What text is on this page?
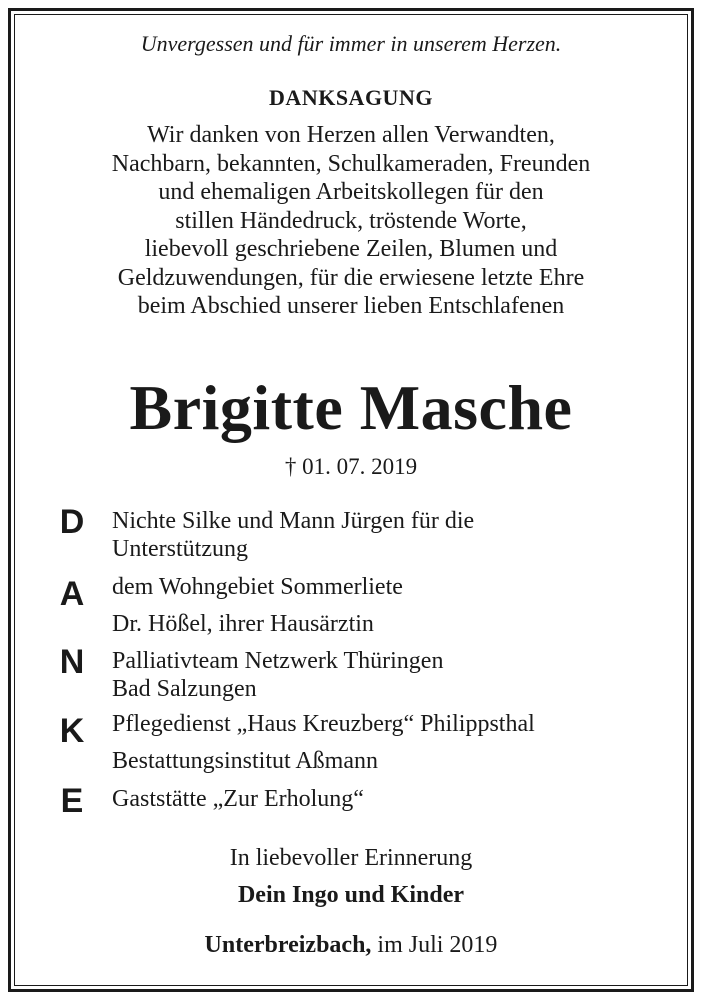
Unvergessen und für immer in unserem Herzen.
DANKSAGUNG
Wir danken von Herzen allen Verwandten,
Nachbarn, bekannten, Schulkameraden, Freunden
und ehemaligen Arbeitskollegen für den
stillen Händedruck, tröstende Worte,
liebevoll geschriebene Zeilen, Blumen und
Geldzuwendungen, für die erwiesene letzte Ehre
beim Abschied unserer lieben Entschlafenen
Brigitte Masche
† 01. 07. 2019
D
A
N
K
E
Nichte Silke und Mann Jürgen für die
Unterstützung
dem Wohngebiet Sommerliete
Dr. Hößel, ihrer Hausärztin
Palliativteam Netzwerk Thüringen
Bad Salzungen
Pflegedienst „Haus Kreuzberg“ Philippsthal
Bestattungsinstitut Aßmann
Gaststätte „Zur Erholung“
In liebevoller Erinnerung
Dein Ingo und Kinder
Unterbreizbach, im Juli 2019
